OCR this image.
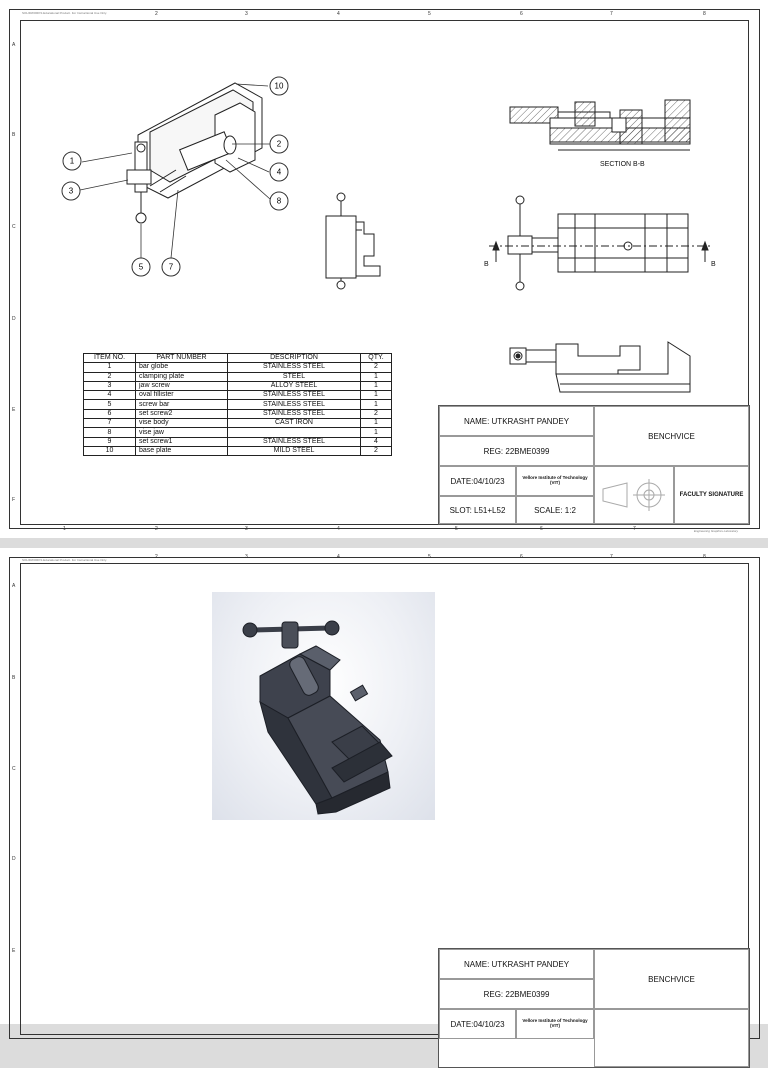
SOLIDWORKS Educational Product. For Instructional Use Only.	2	3	4	5	6	7	8
A
B
C
D
E
F
1	2	3	4	5	6	7
10
1
2
4
3
8
5	7
SECTION B-B
B	B
ITEM NO.	PART NUMBER	DESCRIPTION	QTY.
1	bar globe	STAINLESS STEEL	2
2	clamping plate	STEEL	1
3	jaw screw	ALLOY STEEL	1
4	oval fillister	STAINLESS STEEL	1
5	screw bar	STAINLESS STEEL	1
6	set screw2	STAINLESS STEEL	2
7	vise body	CAST IRON	1
8	vise jaw		1
9	set screw1	STAINLESS STEEL	4
10	base plate	MILD STEEL	2
NAME: UTKRASHT PANDEY
REG: 22BME0399
BENCHVICE
DATE:04/10/23	Vellore Institute of Technology (VIT)
SLOT: L51+L52	SCALE: 1:2
FACULTY SIGNATURE
Engineering Graphics Laboratory
SOLIDWORKS Educational Product. For Instructional Use Only.	2	3	4	5	6	7	8
A
B
C
D
E
NAME: UTKRASHT PANDEY
REG: 22BME0399
BENCHVICE
DATE:04/10/23	Vellore Institute of Technology (VIT)
